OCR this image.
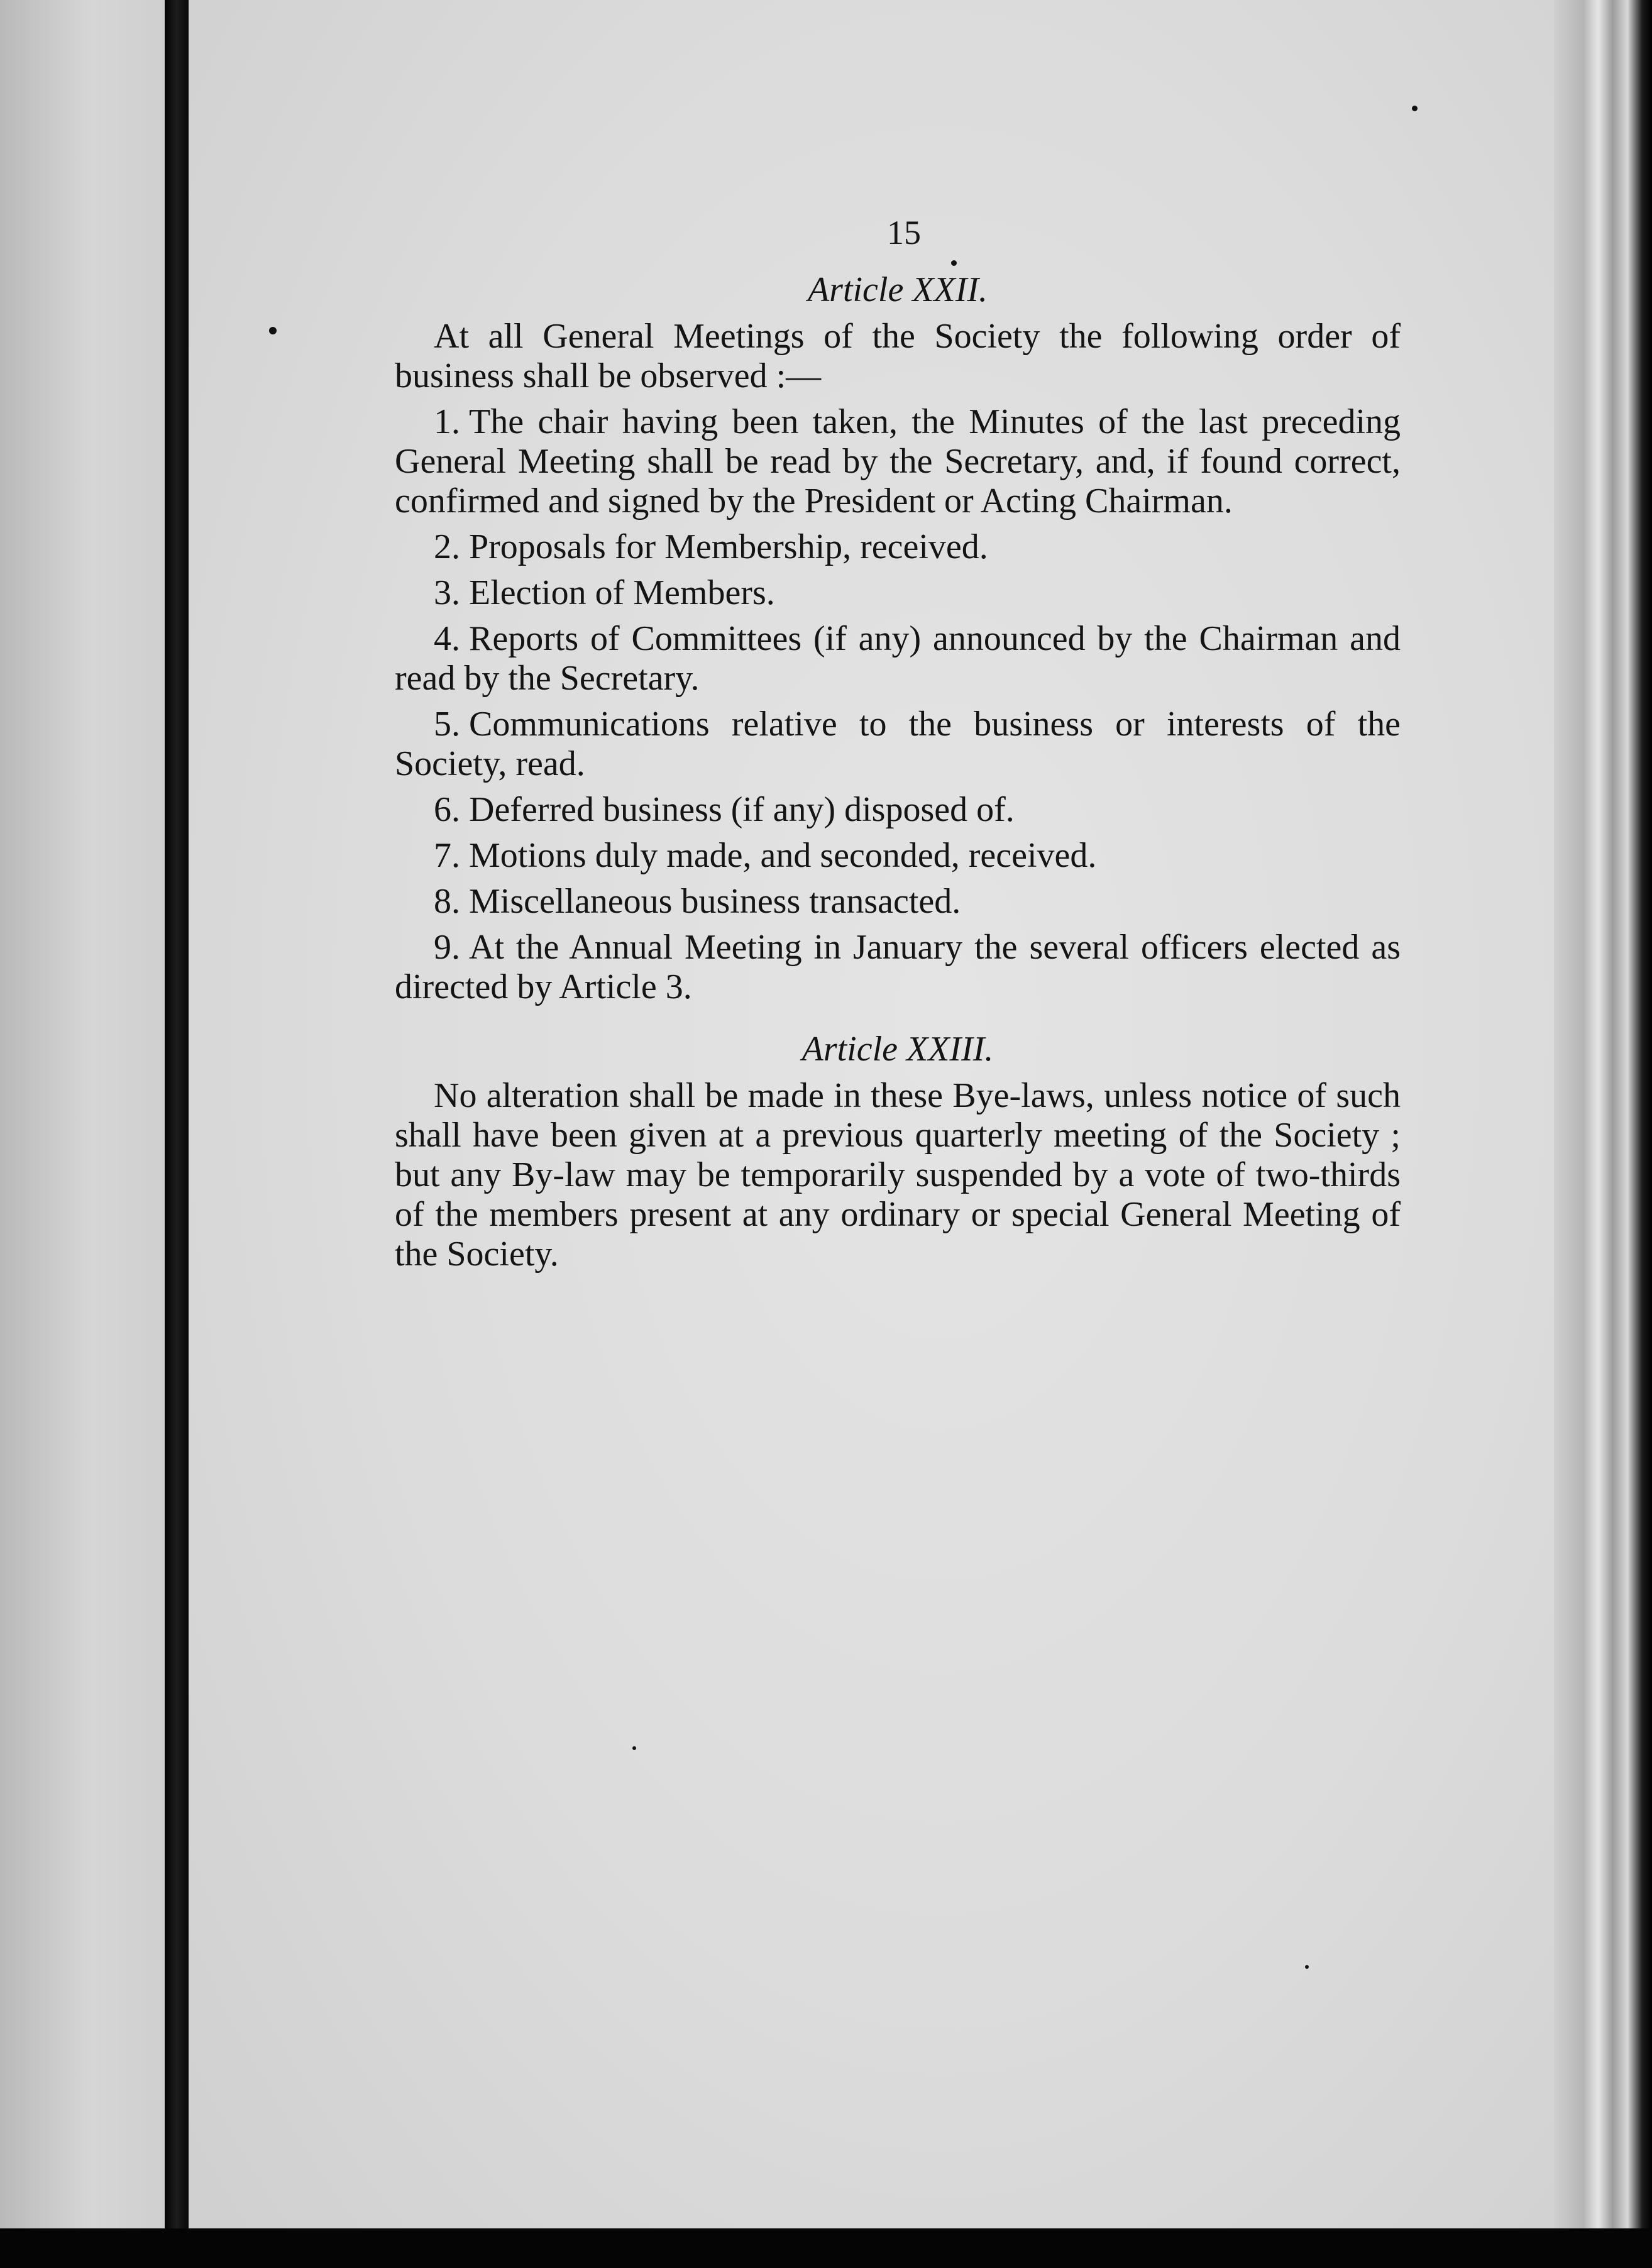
15
Article XXII.

At all General Meetings of the Society the following order of business shall be observed :—

1. The chair having been taken, the Minutes of the last preceding General Meeting shall be read by the Secretary, and, if found correct, confirmed and signed by the President or Acting Chairman.

2. Proposals for Membership, received.

3. Election of Members.

4. Reports of Committees (if any) announced by the Chairman and read by the Secretary.

5. Communications relative to the business or interests of the Society, read.

6. Deferred business (if any) disposed of.

7. Motions duly made, and seconded, received.

8. Miscellaneous business transacted.

9. At the Annual Meeting in January the several officers elected as directed by Article 3.

Article XXIII.

No alteration shall be made in these Bye-laws, unless notice of such shall have been given at a previous quarterly meeting of the Society ; but any By-law may be temporarily suspended by a vote of two-thirds of the members present at any ordinary or special General Meeting of the Society.
